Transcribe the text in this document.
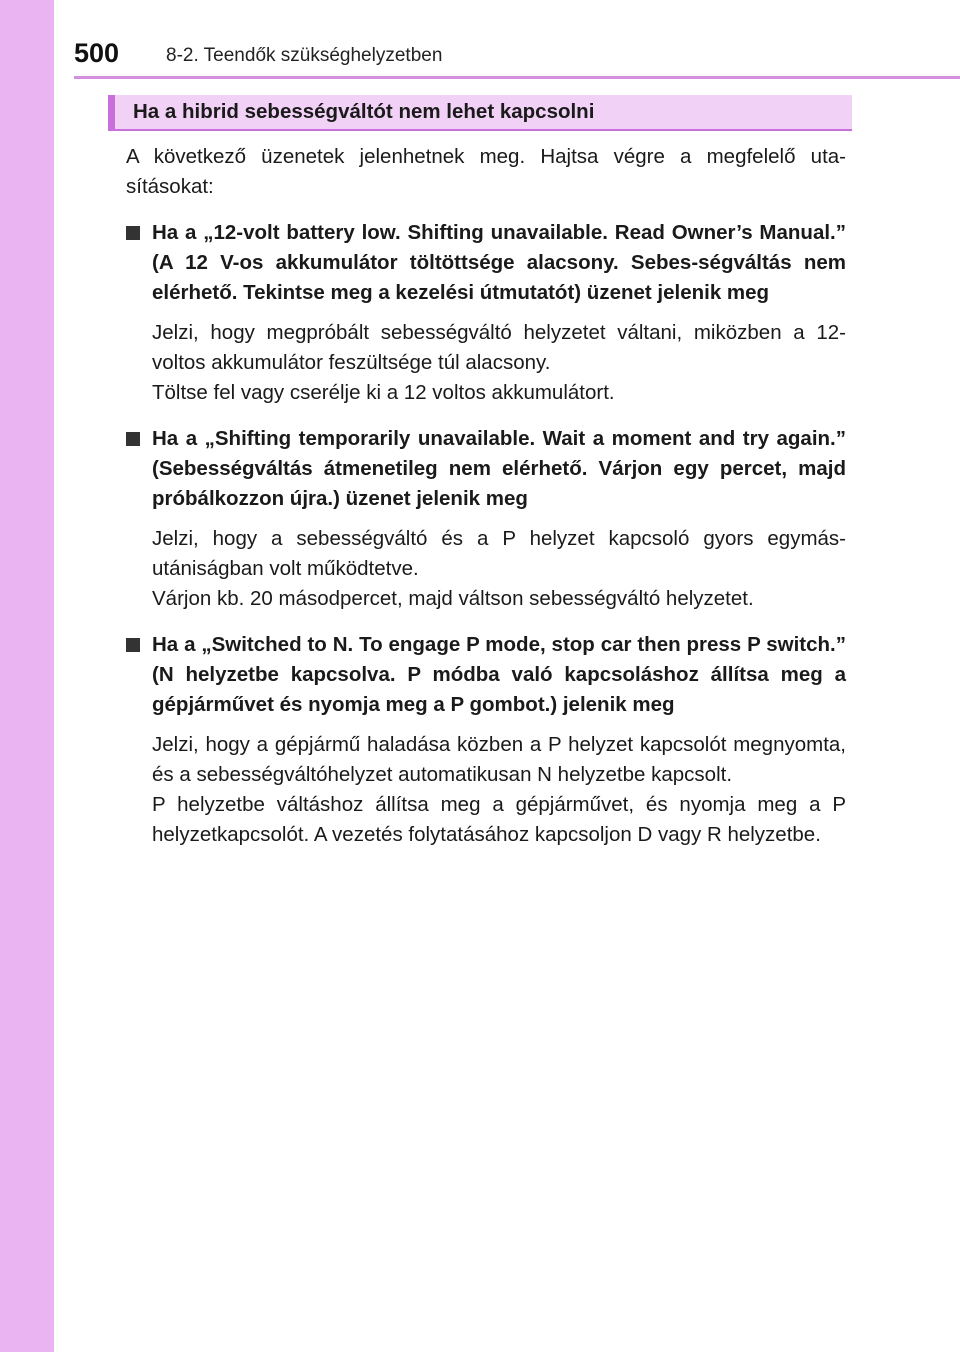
500 8-2. Teendők szükséghelyzetben
Ha a hibrid sebességváltót nem lehet kapcsolni

A következő üzenetek jelenhetnek meg. Hajtsa végre a megfelelő uta-sításokat:

Ha a „12-volt battery low. Shifting unavailable. Read Owner’s Manual.” (A 12 V-os akkumulátor töltöttsége alacsony. Sebes-ségváltás nem elérhető. Tekintse meg a kezelési útmutatót) üzenet jelenik meg

Jelzi, hogy megpróbált sebességváltó helyzetet váltani, miközben a 12-voltos akkumulátor feszültsége túl alacsony.

Töltse fel vagy cserélje ki a 12 voltos akkumulátort.

Ha a „Shifting temporarily unavailable. Wait a moment and try again.” (Sebességváltás átmenetileg nem elérhető. Várjon egy percet, majd próbálkozzon újra.) üzenet jelenik meg

Jelzi, hogy a sebességváltó és a P helyzet kapcsoló gyors egymás-utániságban volt működtetve.

Várjon kb. 20 másodpercet, majd váltson sebességváltó helyzetet.

Ha a „Switched to N. To engage P mode, stop car then press P switch.” (N helyzetbe kapcsolva. P módba való kapcsoláshoz állítsa meg a gépjárművet és nyomja meg a P gombot.) jelenik meg

Jelzi, hogy a gépjármű haladása közben a P helyzet kapcsolót megnyomta, és a sebességváltóhelyzet automatikusan N helyzetbe kapcsolt.

P helyzetbe váltáshoz állítsa meg a gépjárművet, és nyomja meg a P helyzetkapcsolót. A vezetés folytatásához kapcsoljon D vagy R helyzetbe.
